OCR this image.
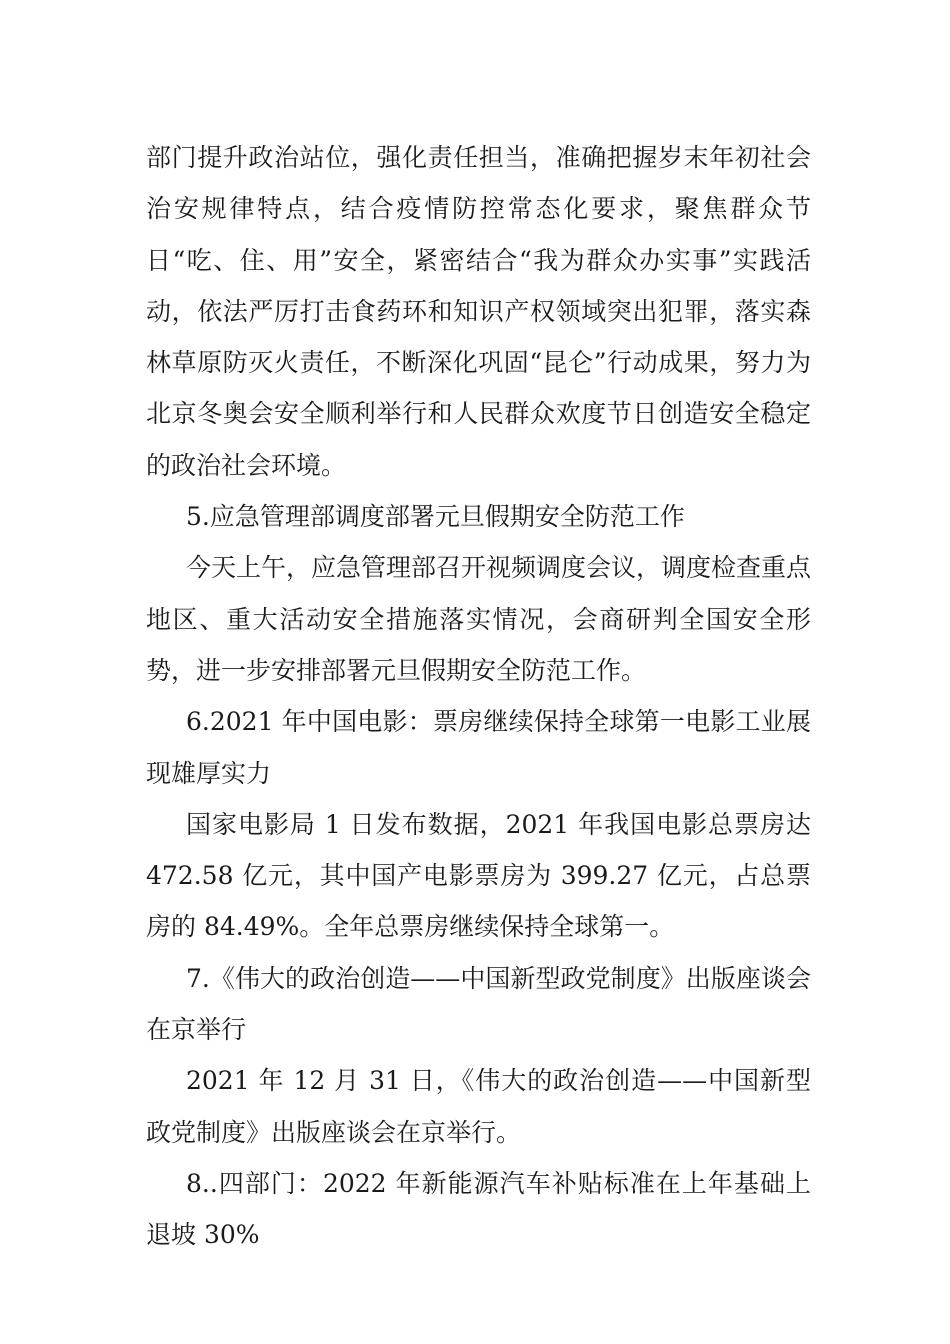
部门提升政治站位，强化责任担当，准确把握岁末年初社会治安规律特点，结合疫情防控常态化要求，聚焦群众节日“吃、住、用”安全，紧密结合“我为群众办实事”实践活动，依法严厉打击食药环和知识产权领域突出犯罪，落实森林草原防灭火责任，不断深化巩固“昆仑”行动成果，努力为北京冬奥会安全顺利举行和人民群众欢度节日创造安全稳定的政治社会环境。

5.应急管理部调度部署元旦假期安全防范工作

今天上午，应急管理部召开视频调度会议，调度检查重点地区、重大活动安全措施落实情况，会商研判全国安全形势，进一步安排部署元旦假期安全防范工作。

6.2021 年中国电影：票房继续保持全球第一电影工业展现雄厚实力

国家电影局 1 日发布数据，2021 年我国电影总票房达 472.58 亿元，其中国产电影票房为 399.27 亿元，占总票房的 84.49%。全年总票房继续保持全球第一。

7.《伟大的政治创造——中国新型政党制度》出版座谈会在京举行

2021 年 12 月 31 日，《伟大的政治创造——中国新型政党制度》出版座谈会在京举行。

8..四部门：2022 年新能源汽车补贴标准在上年基础上退坡 30%
